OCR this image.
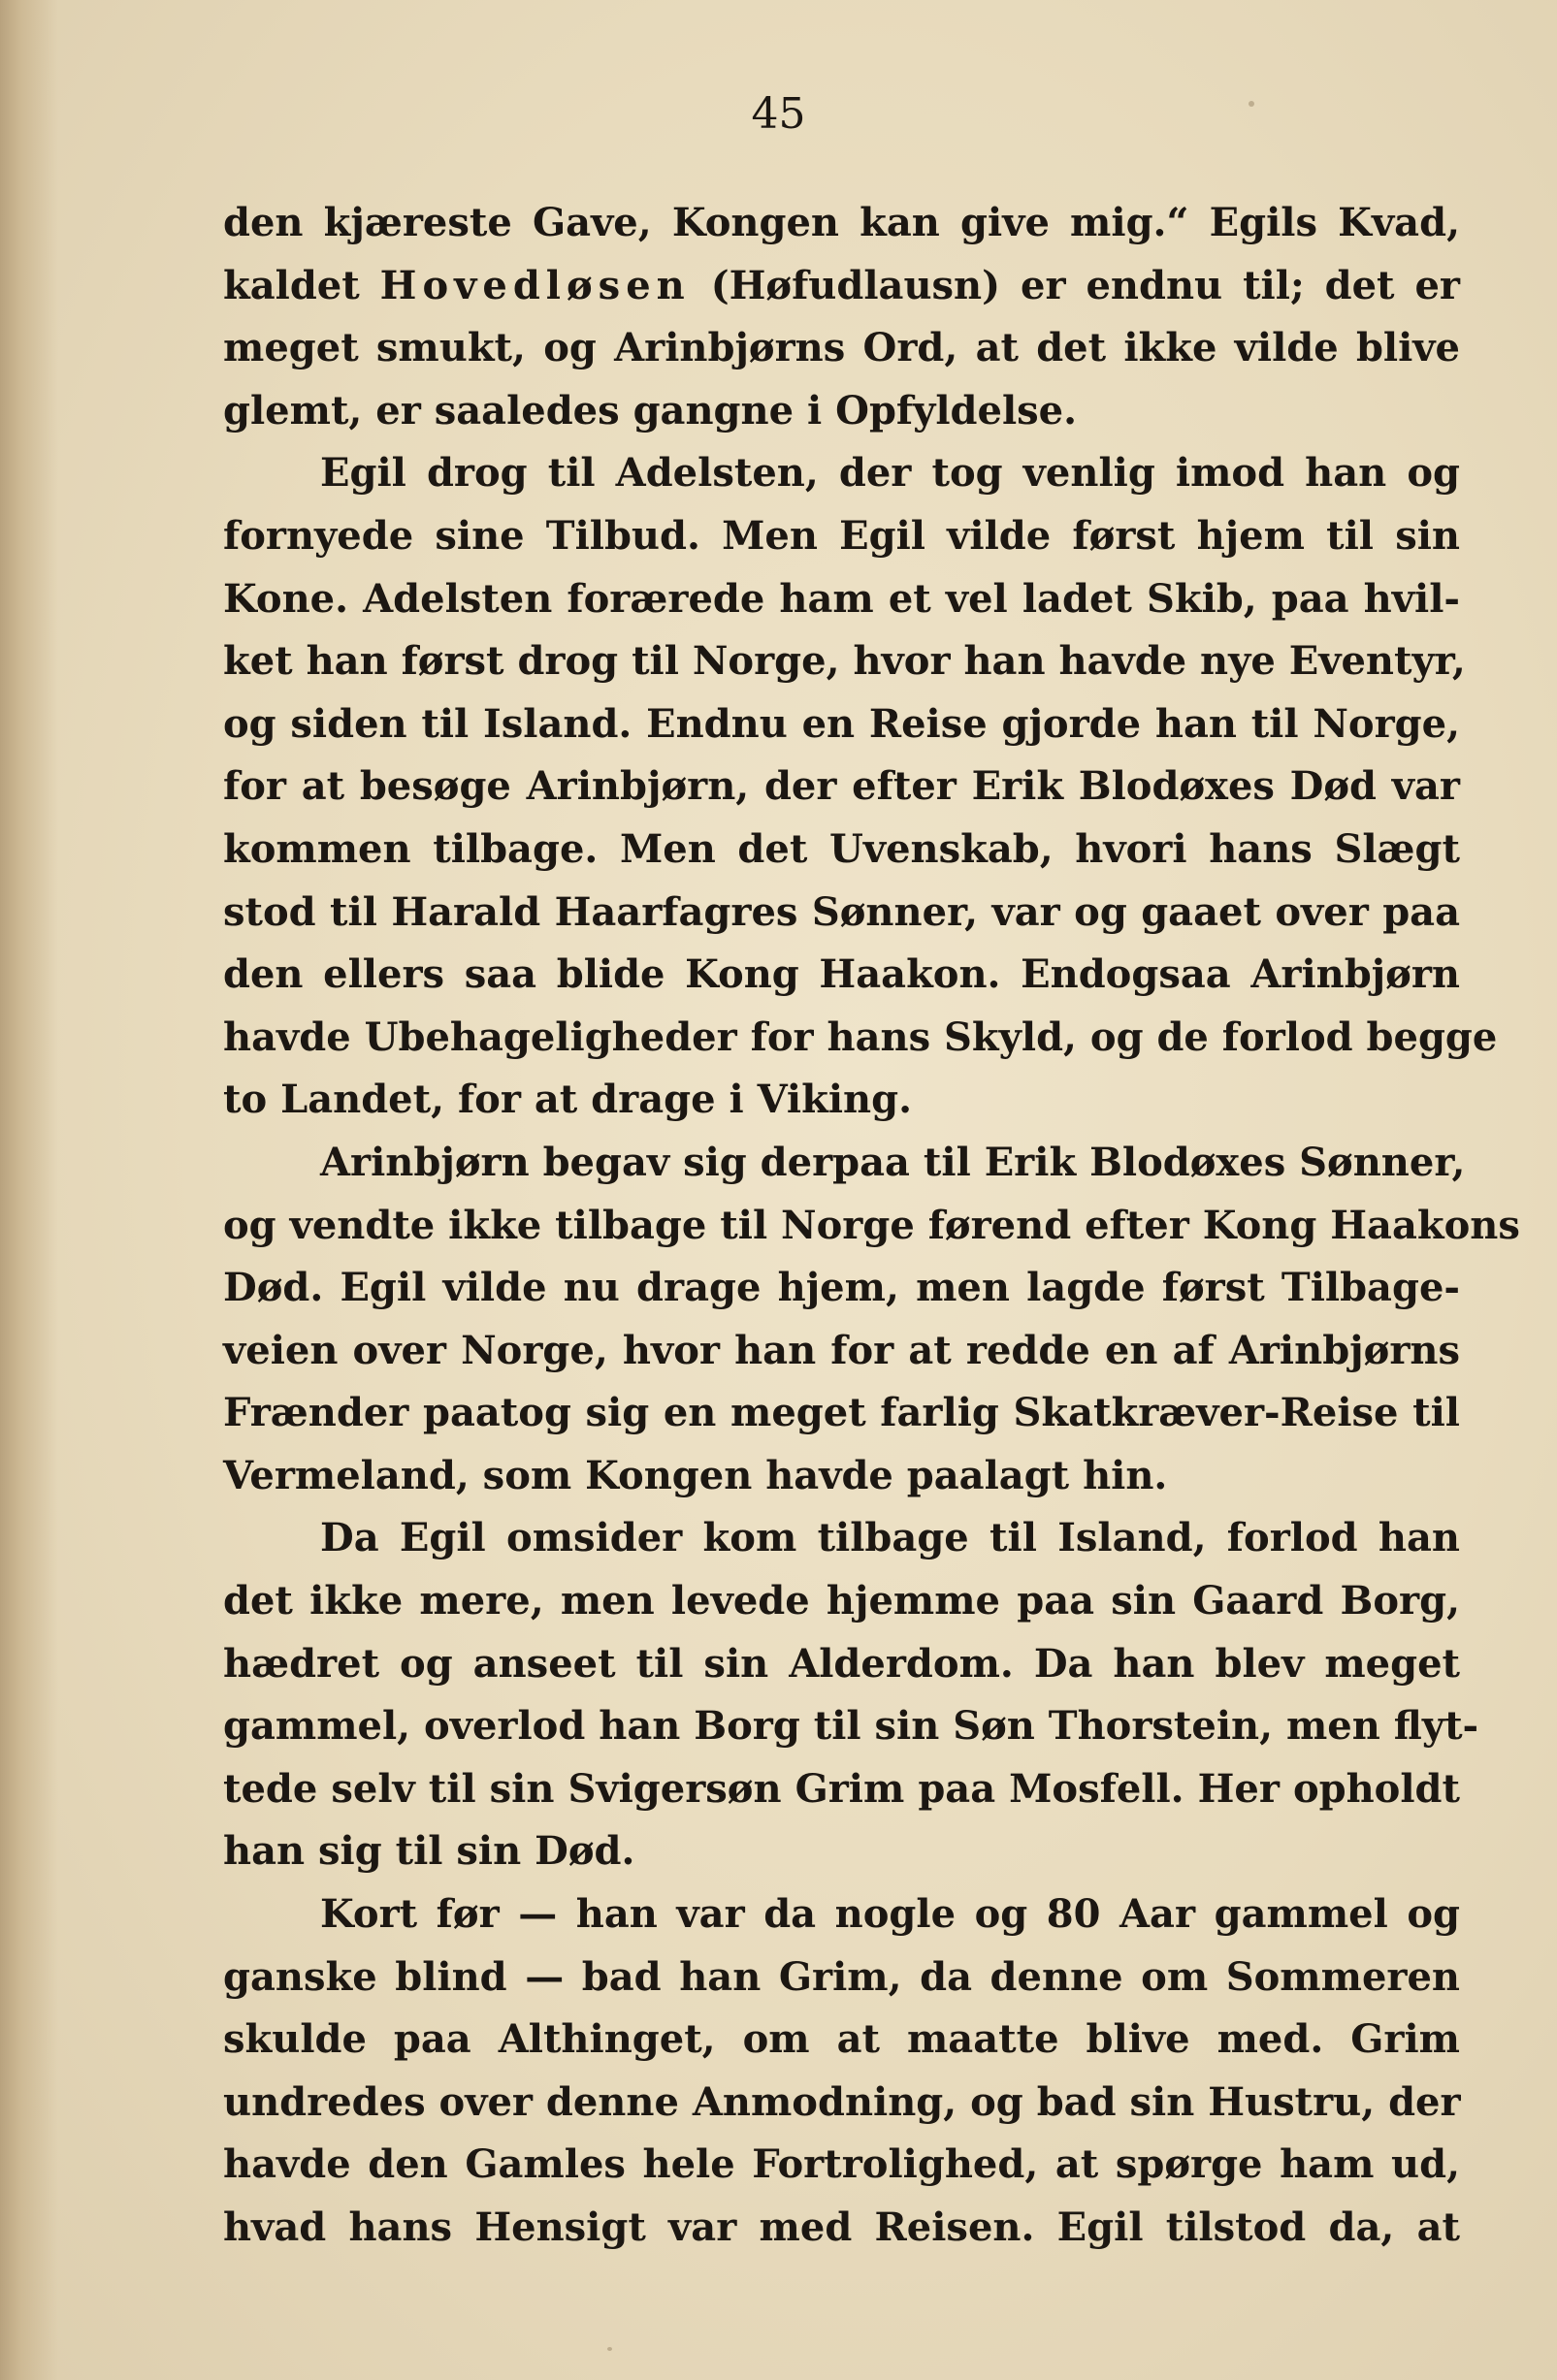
45

den kjæreste Gave, Kongen kan give mig.“ Egils Kvad,
kaldet Hovedløsen (Høfudlausn) er endnu til; det er
meget smukt, og Arinbjørns Ord, at det ikke vilde blive
glemt, er saaledes gangne i Opfyldelse.
Egil drog til Adelsten, der tog venlig imod han og
fornyede sine Tilbud. Men Egil vilde først hjem til sin
Kone. Adelsten forærede ham et vel ladet Skib, paa hvil-
ket han først drog til Norge, hvor han havde nye Eventyr,
og siden til Island. Endnu en Reise gjorde han til Norge,
for at besøge Arinbjørn, der efter Erik Blodøxes Død var
kommen tilbage. Men det Uvenskab, hvori hans Slægt
stod til Harald Haarfagres Sønner, var og gaaet over paa
den ellers saa blide Kong Haakon. Endogsaa Arinbjørn
havde Ubehageligheder for hans Skyld, og de forlod begge
to Landet, for at drage i Viking.
Arinbjørn begav sig derpaa til Erik Blodøxes Sønner,
og vendte ikke tilbage til Norge førend efter Kong Haakons
Død. Egil vilde nu drage hjem, men lagde først Tilbage-
veien over Norge, hvor han for at redde en af Arinbjørns
Frænder paatog sig en meget farlig Skatkræver-Reise til
Vermeland, som Kongen havde paalagt hin.
Da Egil omsider kom tilbage til Island, forlod han
det ikke mere, men levede hjemme paa sin Gaard Borg,
hædret og anseet til sin Alderdom. Da han blev meget
gammel, overlod han Borg til sin Søn Thorstein, men flyt-
tede selv til sin Svigersøn Grim paa Mosfell. Her opholdt
han sig til sin Død.
Kort før — han var da nogle og 80 Aar gammel og
ganske blind — bad han Grim, da denne om Sommeren
skulde paa Althinget, om at maatte blive med. Grim
undredes over denne Anmodning, og bad sin Hustru, der
havde den Gamles hele Fortrolighed, at spørge ham ud,
hvad hans Hensigt var med Reisen. Egil tilstod da, at
